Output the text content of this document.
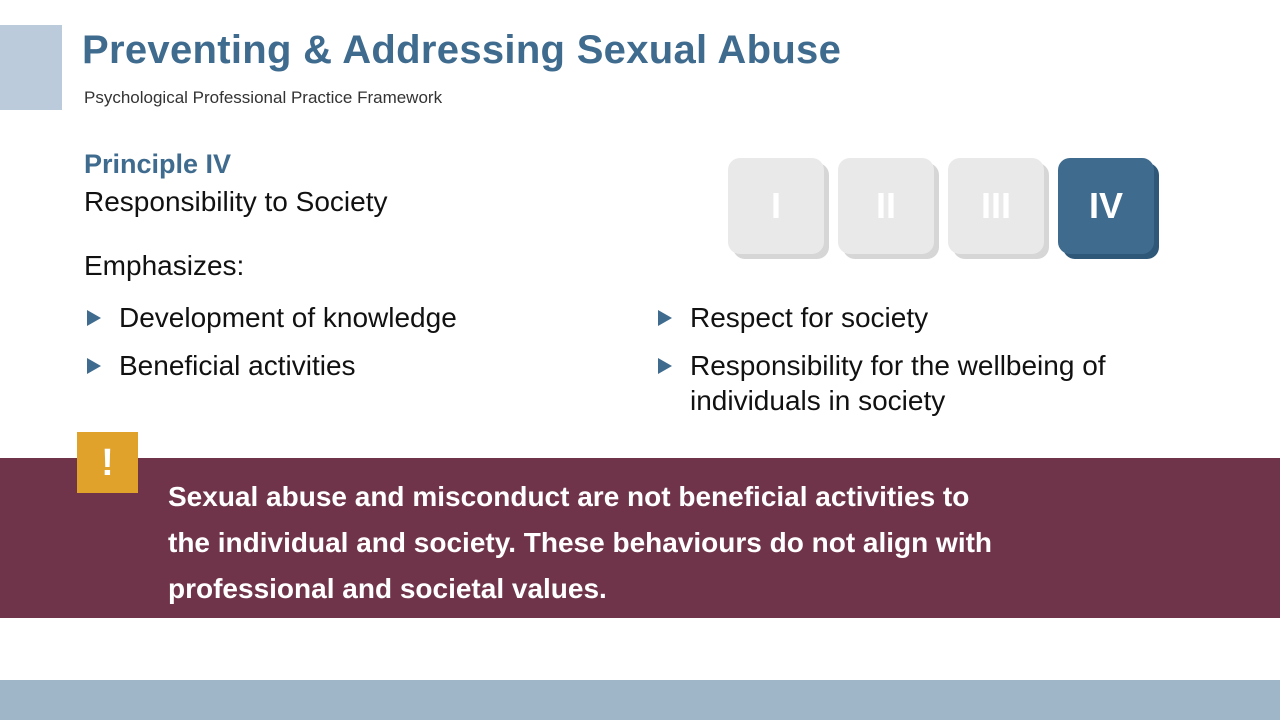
Preventing & Addressing Sexual Abuse
Psychological Professional Practice Framework
Principle IV
Responsibility to Society
Emphasizes:
Development of knowledge
Beneficial activities
Respect for society
Responsibility for the wellbeing of individuals in society
I	II III IV
Sexual abuse and misconduct are not beneficial activities to
the individual and society. These behaviours do not align with
professional and societal values.
!
